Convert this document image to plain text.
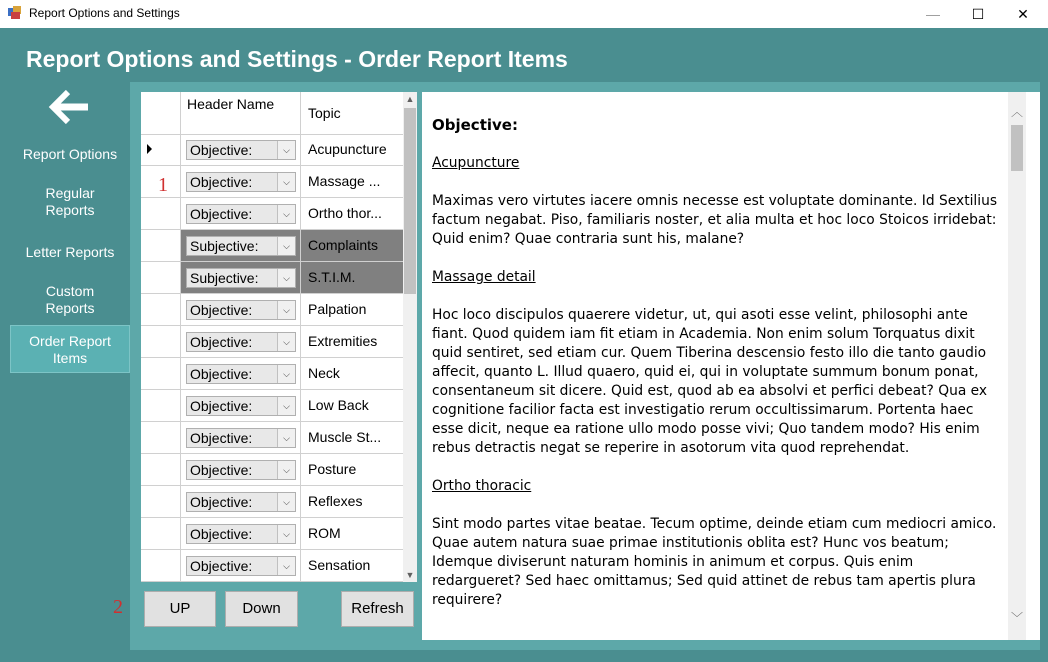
Report Options and Settings	—	☐	✕
Report Options and Settings - Order Report Items
Report Options
Regular Reports
Letter Reports
Custom Reports
Order Report Items
Header Name
Topic
Objective:	⌵	Acupuncture
Objective:	⌵	Massage ...
Objective:	⌵	Ortho thor...
Subjective:	⌵	Complaints
Subjective:	⌵	S.T.I.M.
Objective:	⌵	Palpation
Objective:	⌵	Extremities
Objective:	⌵	Neck
Objective:	⌵	Low Back
Objective:	⌵	Muscle St...
Objective:	⌵	Posture
Objective:	⌵	Reflexes
Objective:	⌵	ROM
Objective:	⌵	Sensation
▲
▼
1
2	UP	Down	Refresh

Objective:

Acupuncture

Maximas vero virtutes iacere omnis necesse est voluptate dominante. Id Sextilius factum negabat. Piso, familiaris noster, et alia multa et hoc loco Stoicos irridebat: Quid enim? Quae contraria sunt his, malane?

Massage detail

Hoc loco discipulos quaerere videtur, ut, qui asoti esse velint, philosophi ante fiant. Quod quidem iam fit etiam in Academia. Non enim solum Torquatus dixit quid sentiret, sed etiam cur. Quem Tiberina descensio festo illo die tanto gaudio affecit, quanto L. Illud quaero, quid ei, qui in voluptate summum bonum ponat, consentaneum sit dicere. Quid est, quod ab ea absolvi et perfici debeat? Qua ex cognitione facilior facta est investigatio rerum occultissimarum. Portenta haec esse dicit, neque ea ratione ullo modo posse vivi; Quo tandem modo? His enim rebus detractis negat se reperire in asotorum vita quod reprehendat.

Ortho thoracic

Sint modo partes vitae beatae. Tecum optime, deinde etiam cum mediocri amico. Quae autem natura suae primae institutionis oblita est? Hunc vos beatum; Idemque diviserunt naturam hominis in animum et corpus. Quis enim redargueret? Sed haec omittamus; Sed quid attinet de rebus tam apertis plura requirere?

︿
﹀
